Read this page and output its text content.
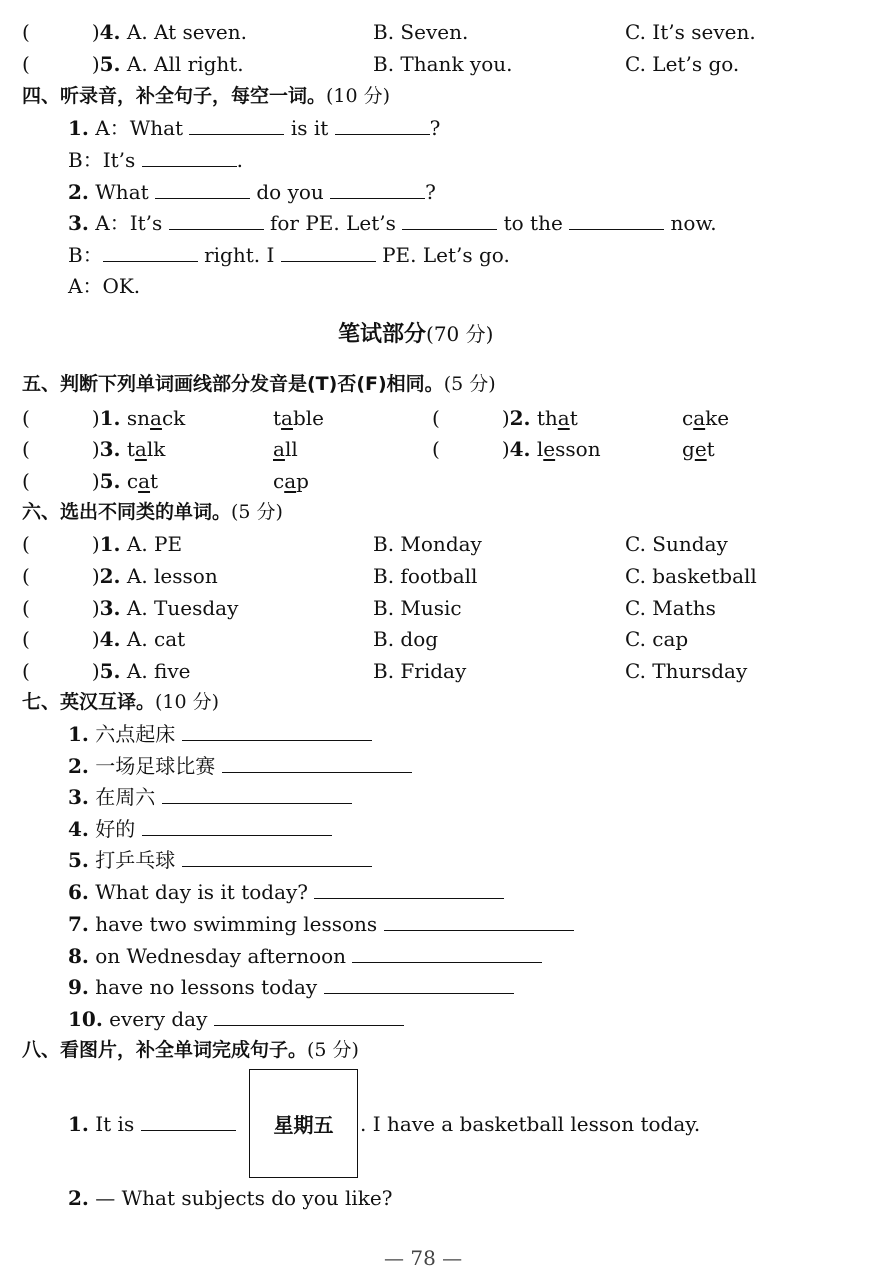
(	)4. A. At seven.	B. Seven.	C. It’s seven.
(	)5. A. All right.	B. Thank you.	C. Let’s go.
四、听录音，补全句子，每空一词。(10 分)
1. A：What	is it	?
B：It’s	.
2. What	do you	?
3. A：It’s	for PE. Let’s	to the	now.
B：	right. I	PE. Let’s go.
A：OK.
笔试部分(70 分)
五、判断下列单词画线部分发音是(T)否(F)相同。(5 分)
(	)1. snack	table	(	)2. that	cake
(	)3. talk	all	(	)4. lesson	get
(	)5. cat	cap
六、选出不同类的单词。(5 分)
(	)1. A. PE	B. Monday	C. Sunday
(	)2. A. lesson	B. football	C. basketball
(	)3. A. Tuesday	B. Music	C. Maths
(	)4. A. cat	B. dog	C. cap
(	)5. A. five	B. Friday	C. Thursday
七、英汉互译。(10 分)
1. 六点起床
2. 一场足球比赛
3. 在周六
4. 好的
5. 打乒乓球
6. What day is it today?
7. have two swimming lessons
8. on Wednesday afternoon
9. have no lessons today
10. every day
八、看图片，补全单词完成句子。(5 分)
1. It is	星期五	. I have a basketball lesson today.
2. — What subjects do you like?
— 78 —
